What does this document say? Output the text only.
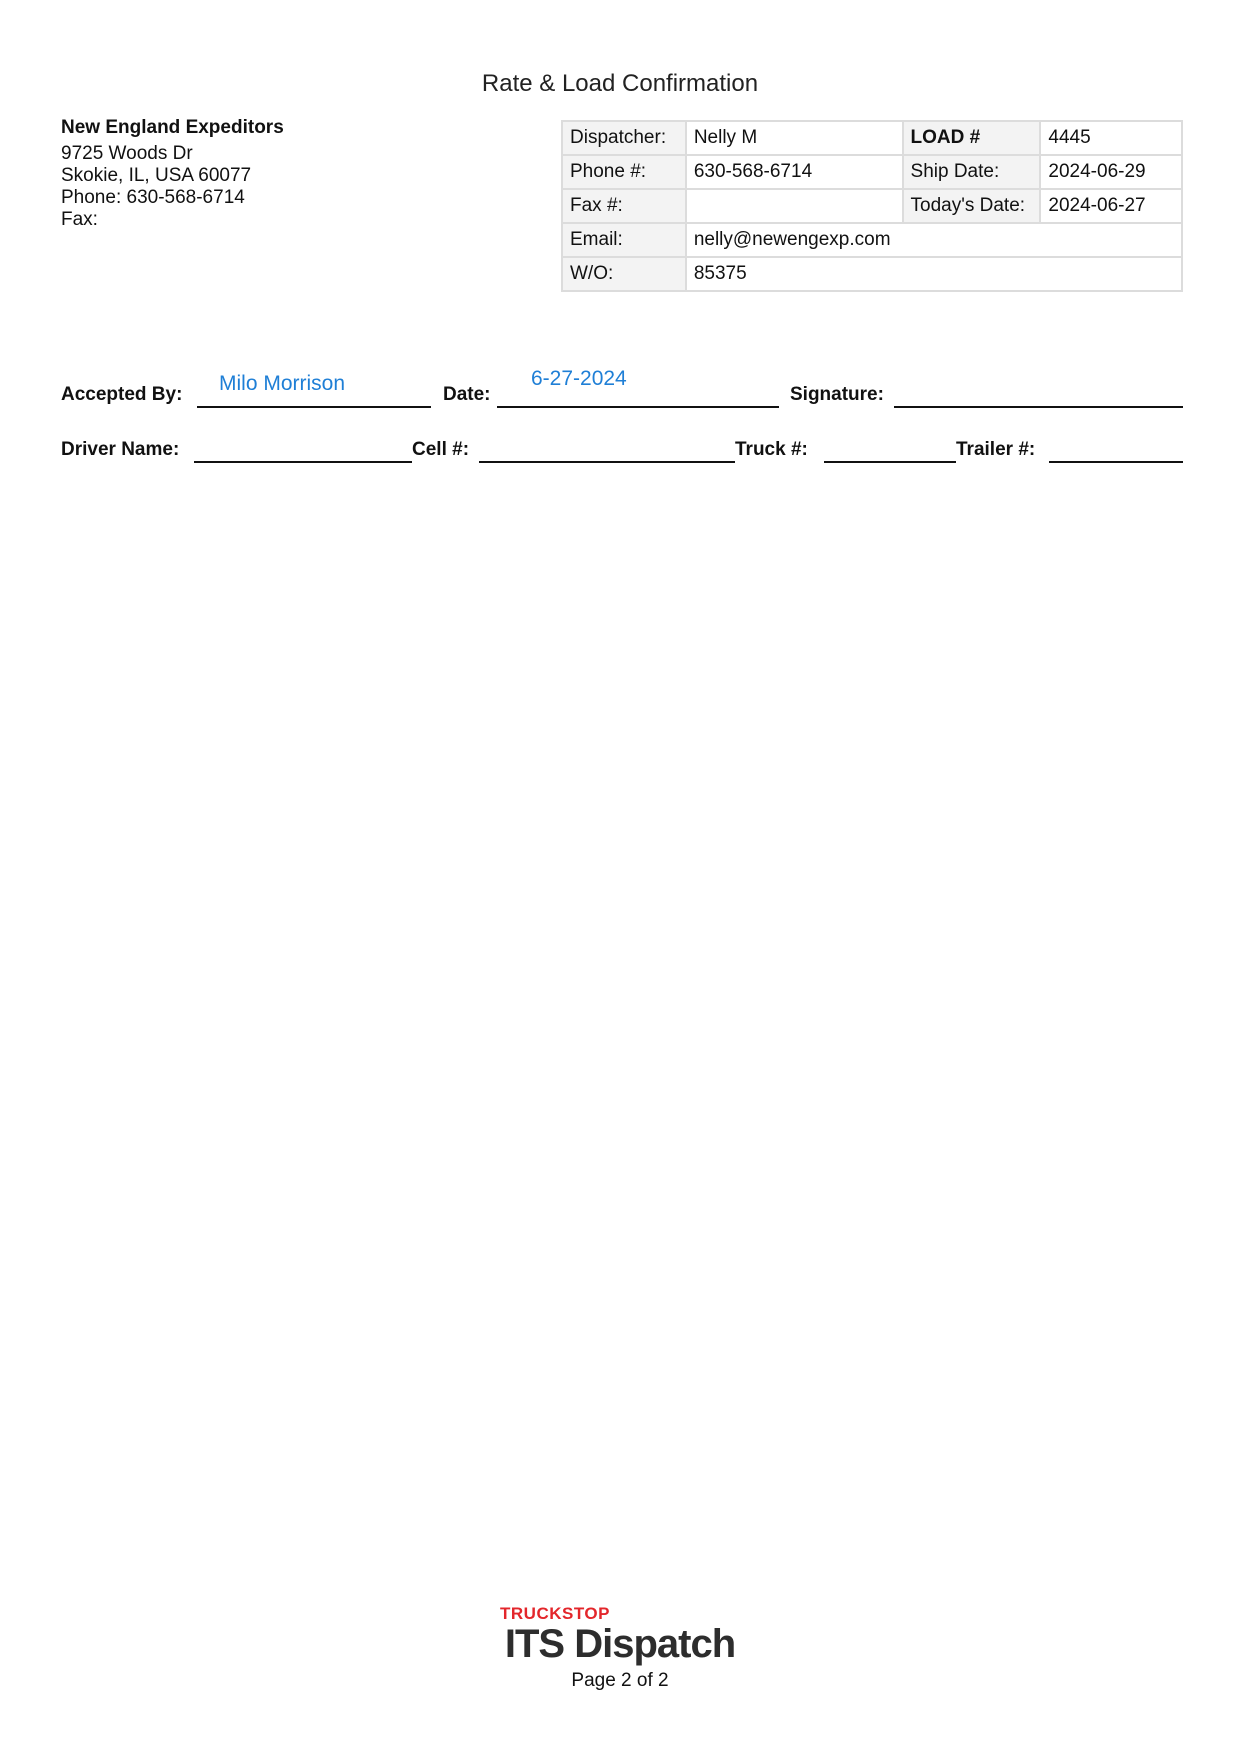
Rate & Load Confirmation
New England Expeditors
9725 Woods Dr
Skokie, IL, USA 60077
Phone: 630-568-6714
Fax:
Dispatcher:	Nelly M	LOAD #	4445
Phone #:	630-568-6714	Ship Date:	2024-06-29
Fax #:		Today's Date:	2024-06-27
Email:	nelly@newengexp.com		
W/O:	85375		
Accepted By: Milo Morrison	Date:
6-27-2024
Signature:
Driver Name:	Cell #:	Truck #:	Trailer #:
TRUCKSTOP
ITS Dispatch
Page 2 of 2
